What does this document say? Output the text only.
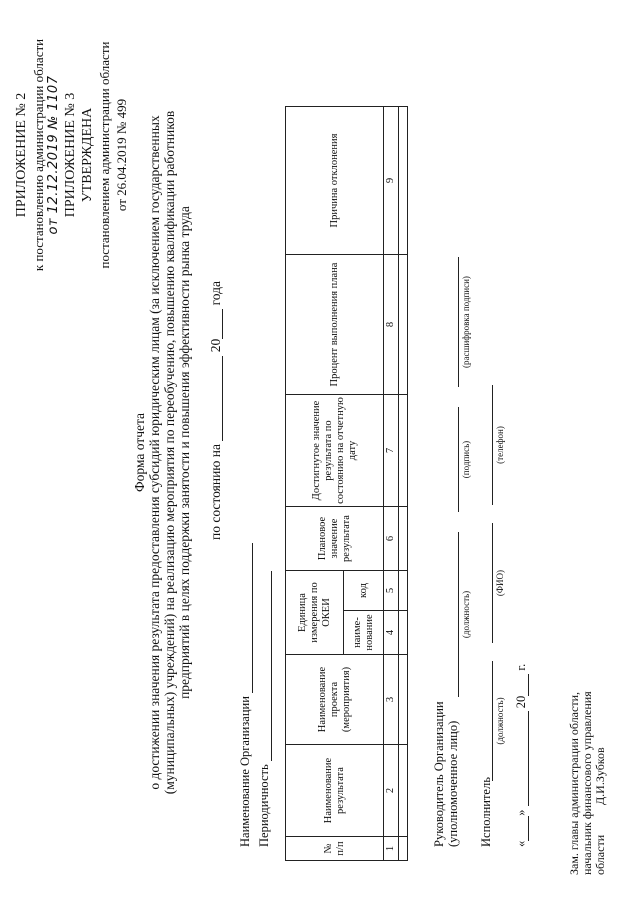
ПРИЛОЖЕНИЕ № 2 к постановлению администрации области от 12.12.2019 № 1107 ПРИЛОЖЕНИЕ № 3 УТВЕРЖДЕНА постановлением администрации области от 26.04.2019 № 499
Форма отчета о достижении значения результата предоставления субсидий юридическим лицам (за исключением государственных (муниципальных) учреждений) на реализацию мероприятия по переобучению, повышению квалификации работников предприятий в целях поддержки занятости и повышения эффективности рынка труда по состоянию на  20 года
Наименование Организации Периодичность
№ п/п	Наименование результата	Наименование проекта (мероприятия)	Единица измерения по ОКЕИ		Плановое значение результата	Достигнутое значение результата по состоянию на отчетную дату	Процент выполнения плана	Причина отклонения
			наиме-нование	код				
1	2	3	4	5	6	7	8	9

Руководитель Организации (уполномоченное лицо)
(должность)
(подпись)
(расшифровка подписи)
Исполнитель
(должность)
(ФИО)
(телефон)
«»  20 г.
Зам. главы администрации области, начальник финансового управления области
Д.И.Зубков
